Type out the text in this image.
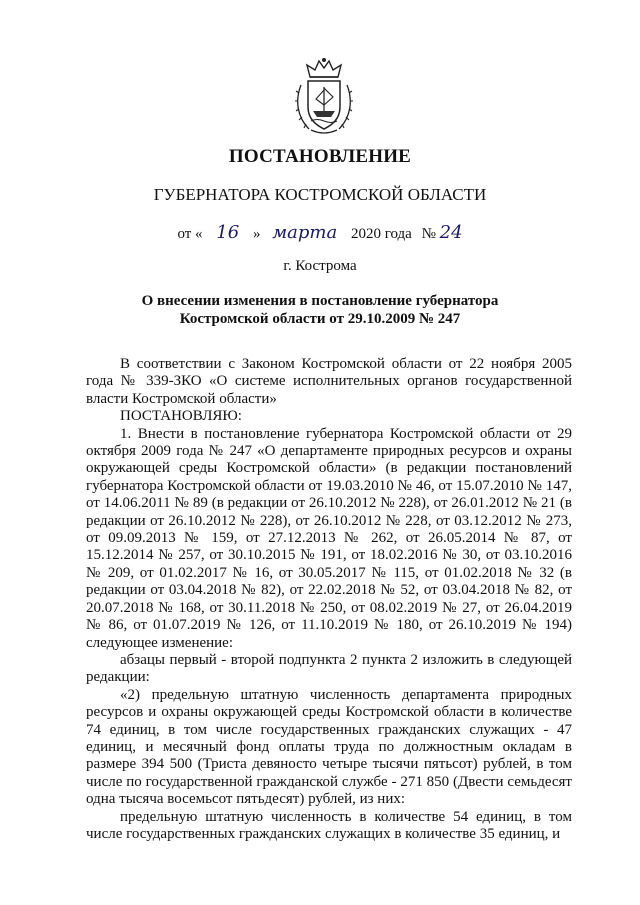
ПОСТАНОВЛЕНИЕ
ГУБЕРНАТОРА КОСТРОМСКОЙ ОБЛАСТИ
от « 16 » марта 2020 года № 24
г. Кострома
О внесении изменения в постановление губернатора
Костромской области от 29.10.2009 № 247

В соответствии с Законом Костромской области от 22 ноября 2005 года № 339-ЗКО «О системе исполнительных органов государственной власти Костромской области»

ПОСТАНОВЛЯЮ:

1. Внести в постановление губернатора Костромской области от 29 октября 2009 года № 247 «О департаменте природных ресурсов и охраны окружающей среды Костромской области» (в редакции постановлений губернатора Костромской области от 19.03.2010 № 46, от 15.07.2010 № 147, от 14.06.2011 № 89 (в редакции от 26.10.2012 № 228), от 26.01.2012 № 21 (в редакции от 26.10.2012 № 228), от 26.10.2012 № 228, от 03.12.2012 № 273, от 09.09.2013 № 159, от 27.12.2013 № 262, от 26.05.2014 № 87, от 15.12.2014 № 257, от 30.10.2015 № 191, от 18.02.2016 № 30, от 03.10.2016 № 209, от 01.02.2017 № 16, от 30.05.2017 № 115, от 01.02.2018 № 32 (в редакции от 03.04.2018 № 82), от 22.02.2018 № 52, от 03.04.2018 № 82, от 20.07.2018 № 168, от 30.11.2018 № 250, от 08.02.2019 № 27, от 26.04.2019 № 86, от 01.07.2019 № 126, от 11.10.2019 № 180, от 26.10.2019 № 194) следующее изменение:

абзацы первый - второй подпункта 2 пункта 2 изложить в следующей редакции:

«2) предельную штатную численность департамента природных ресурсов и охраны окружающей среды Костромской области в количестве 74 единиц, в том числе государственных гражданских служащих - 47 единиц, и месячный фонд оплаты труда по должностным окладам в размере 394 500 (Триста девяносто четыре тысячи пятьсот) рублей, в том числе по государственной гражданской службе - 271 850 (Двести семьдесят одна тысяча восемьсот пятьдесят) рублей, из них:

предельную штатную численность в количестве 54 единиц, в том числе государственных гражданских служащих в количестве 35 единиц, и
